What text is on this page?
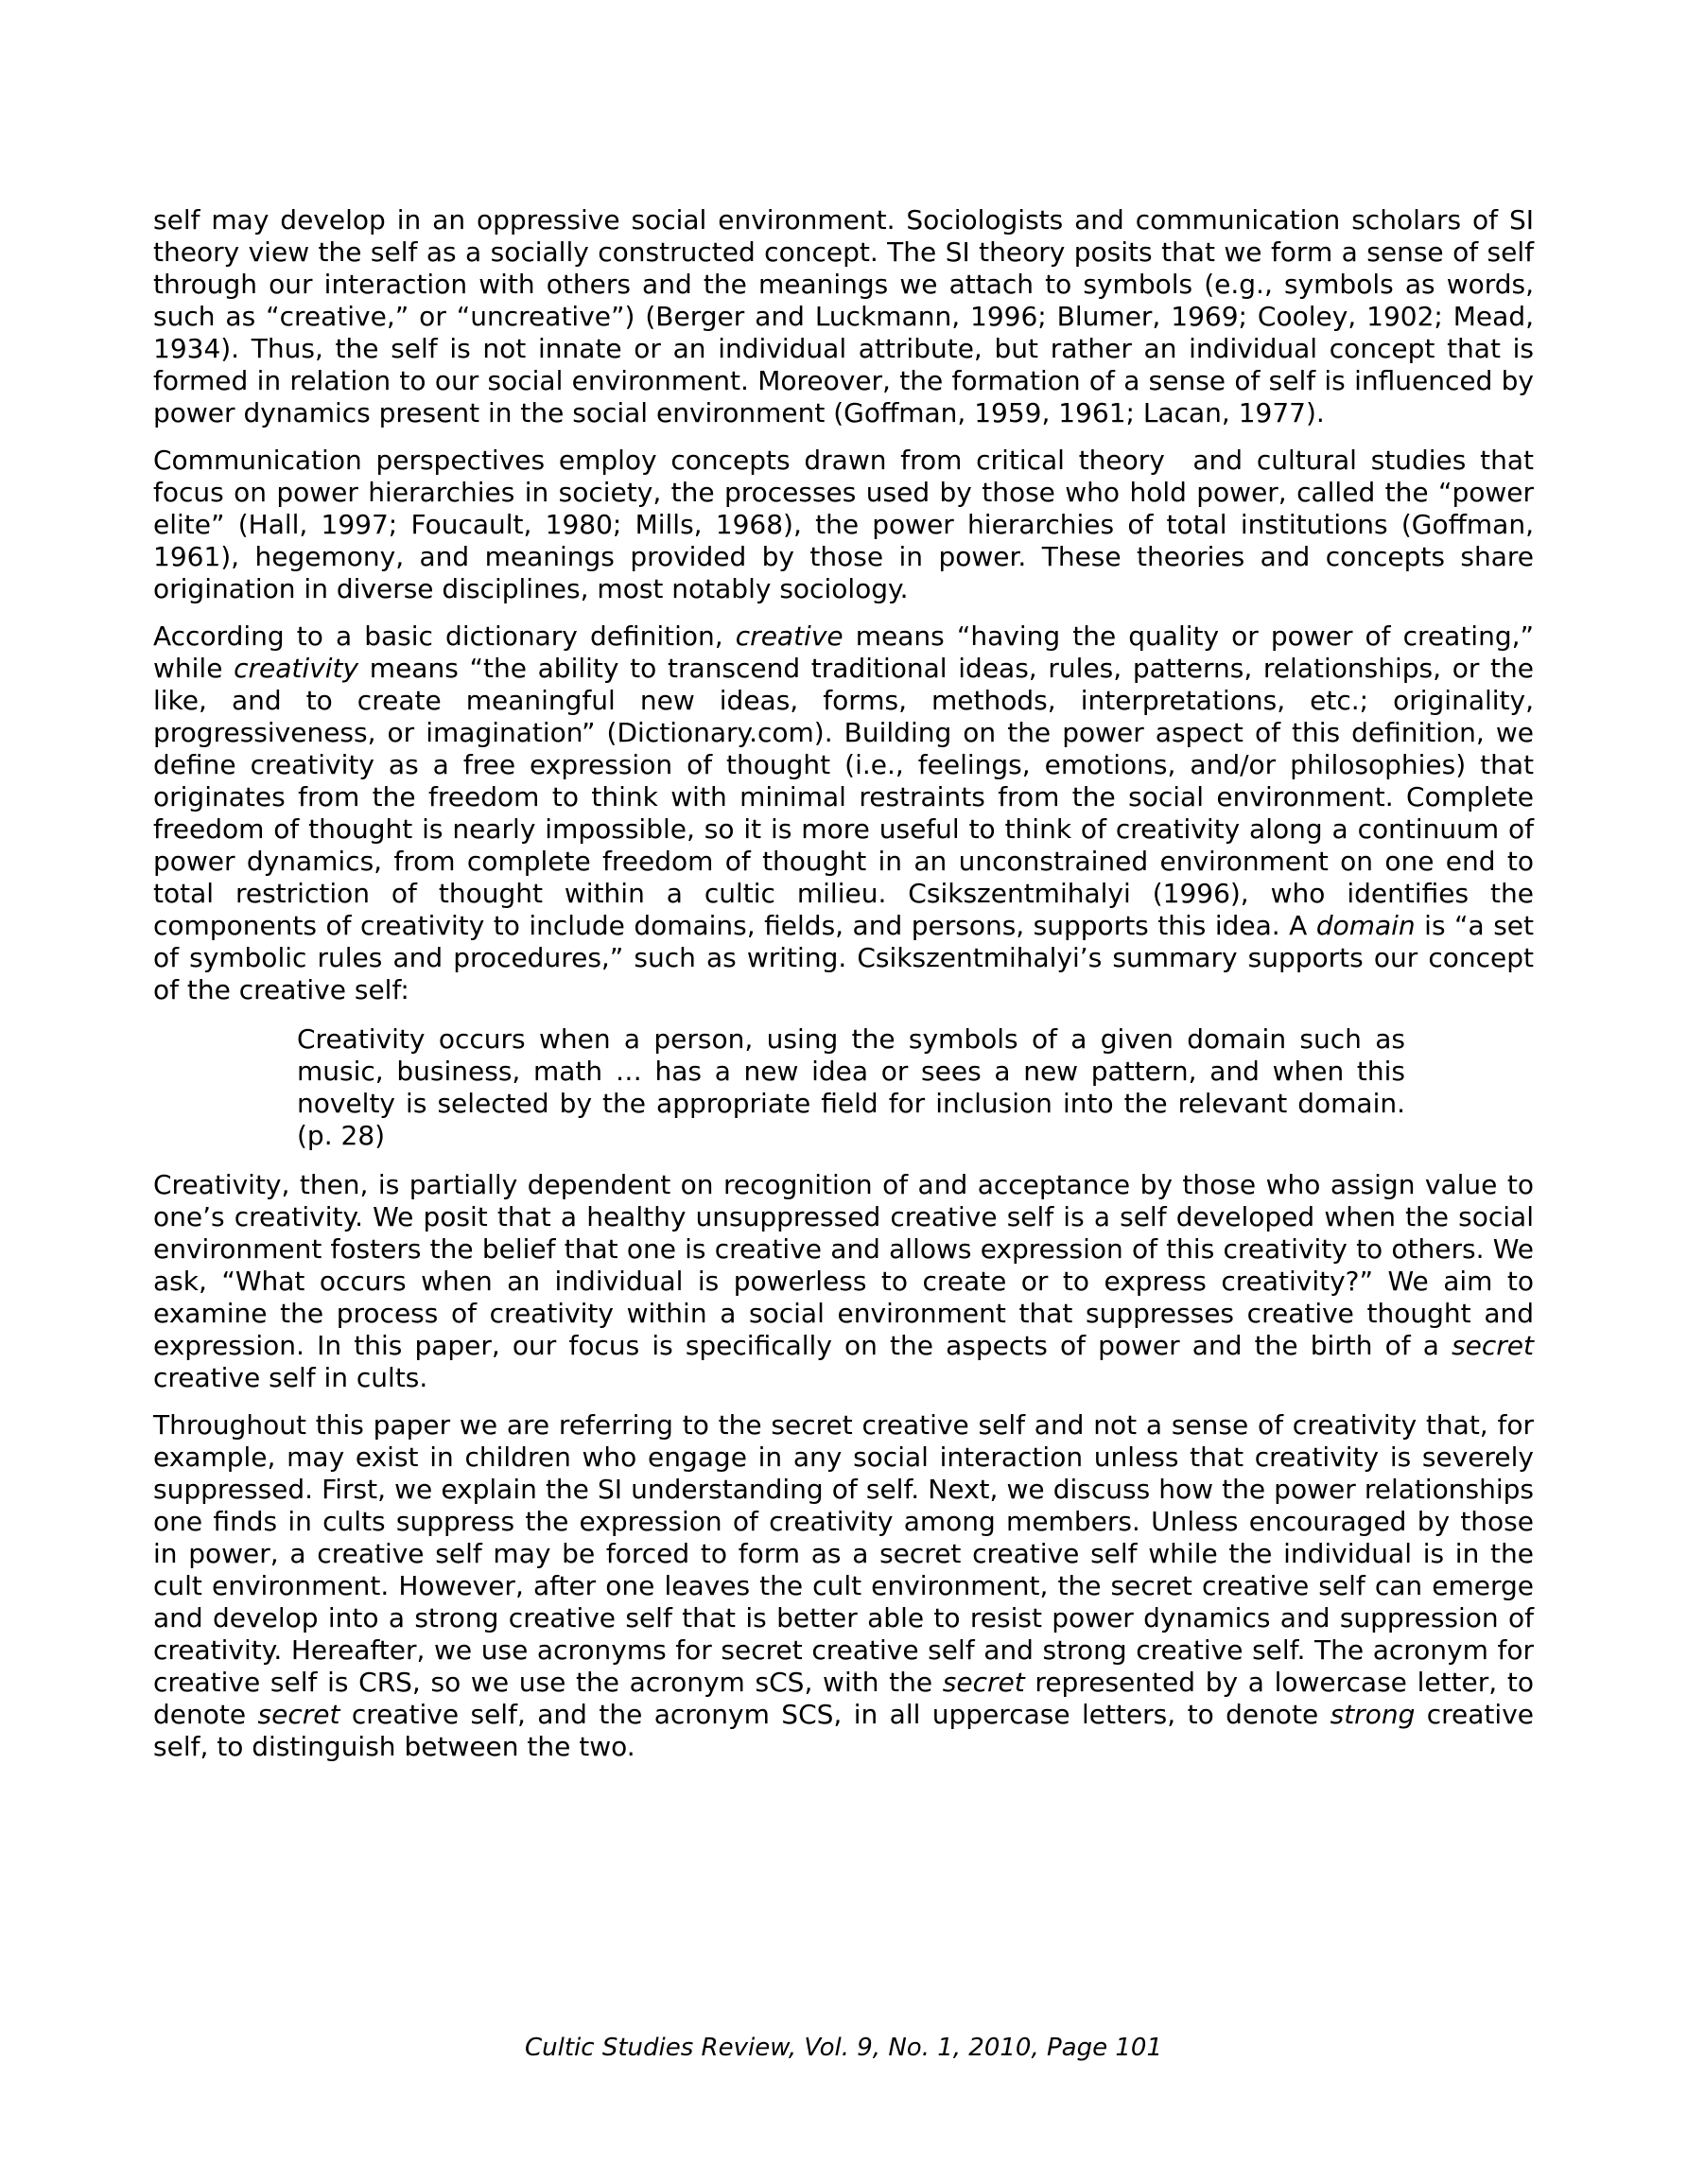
self may develop in an oppressive social environment. Sociologists and communication scholars of SI theory view the self as a socially constructed concept. The SI theory posits that we form a sense of self through our interaction with others and the meanings we attach to symbols (e.g., symbols as words, such as “creative,” or “uncreative”) (Berger and Luckmann, 1996; Blumer, 1969; Cooley, 1902; Mead, 1934). Thus, the self is not innate or an individual attribute, but rather an individual concept that is formed in relation to our social environment. Moreover, the formation of a sense of self is influenced by power dynamics present in the social environment (Goffman, 1959, 1961; Lacan, 1977).

Communication perspectives employ concepts drawn from critical theory  and cultural studies that focus on power hierarchies in society, the processes used by those who hold power, called the “power elite” (Hall, 1997; Foucault, 1980; Mills, 1968), the power hierarchies of total institutions (Goffman, 1961), hegemony, and meanings provided by those in power. These theories and concepts share origination in diverse disciplines, most notably sociology.

According to a basic dictionary definition, creative means “having the quality or power of creating,” while creativity means “the ability to transcend traditional ideas, rules, patterns, relationships, or the like, and to create meaningful new ideas, forms, methods, interpretations, etc.; originality, progressiveness, or imagination” (Dictionary.com). Building on the power aspect of this definition, we define creativity as a free expression of thought (i.e., feelings, emotions, and/or philosophies) that originates from the freedom to think with minimal restraints from the social environment. Complete freedom of thought is nearly impossible, so it is more useful to think of creativity along a continuum of power dynamics, from complete freedom of thought in an unconstrained environment on one end to total restriction of thought within a cultic milieu. Csikszentmihalyi (1996), who identifies the components of creativity to include domains, fields, and persons, supports this idea. A domain is “a set of symbolic rules and procedures,” such as writing. Csikszentmihalyi’s summary supports our concept of the creative self:

Creativity occurs when a person, using the symbols of a given domain such as music, business, math … has a new idea or sees a new pattern, and when this novelty is selected by the appropriate field for inclusion into the relevant domain. (p. 28)

Creativity, then, is partially dependent on recognition of and acceptance by those who assign value to one’s creativity. We posit that a healthy unsuppressed creative self is a self developed when the social environment fosters the belief that one is creative and allows expression of this creativity to others. We ask, “What occurs when an individual is powerless to create or to express creativity?” We aim to examine the process of creativity within a social environment that suppresses creative thought and expression. In this paper, our focus is specifically on the aspects of power and the birth of a secret creative self in cults.

Throughout this paper we are referring to the secret creative self and not a sense of creativity that, for example, may exist in children who engage in any social interaction unless that creativity is severely suppressed. First, we explain the SI understanding of self. Next, we discuss how the power relationships one finds in cults suppress the expression of creativity among members. Unless encouraged by those in power, a creative self may be forced to form as a secret creative self while the individual is in the cult environment. However, after one leaves the cult environment, the secret creative self can emerge and develop into a strong creative self that is better able to resist power dynamics and suppression of creativity. Hereafter, we use acronyms for secret creative self and strong creative self. The acronym for creative self is CRS, so we use the acronym sCS, with the secret represented by a lowercase letter, to denote secret creative self, and the acronym SCS, in all uppercase letters, to denote strong creative self, to distinguish between the two.

Cultic Studies Review, Vol. 9, No. 1, 2010, Page 101
